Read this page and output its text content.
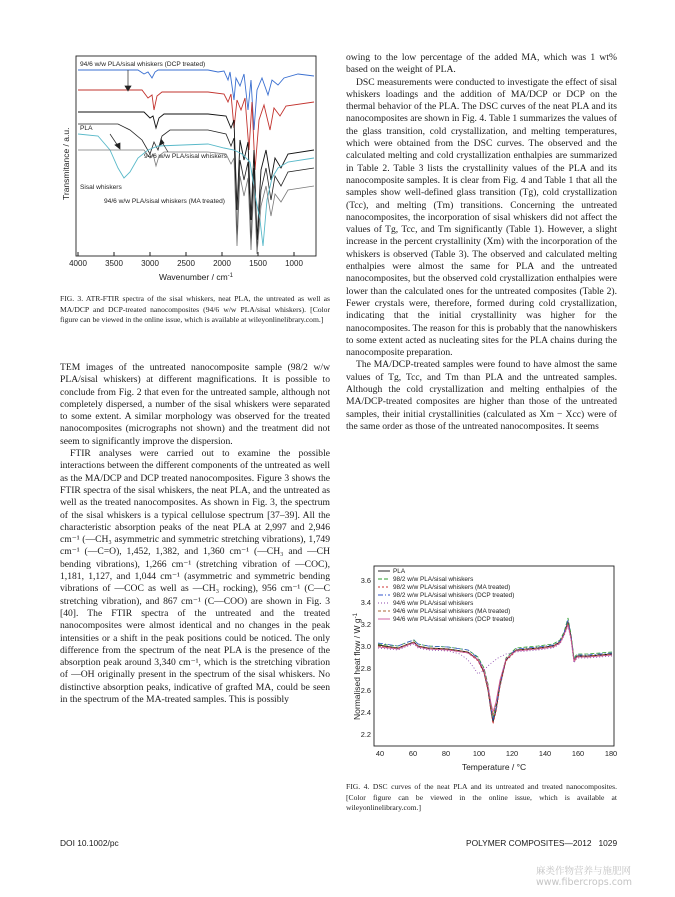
Transmitance / a.u.
4000 3500 3000 2500 2000 1500 1000
Wavenumber / $cm^{-1}$
94/6 w/w PLA/sisal whiskers (DCP treated)
PLA
94/6 w/w PLA/sisal whiskers
Sisal whiskers
94/6 w/w PLA/sisal whiskers (MA treated)
FIG. 3. ATR-FTIR spectra of the sisal whiskers, neat PLA, the untreated as well as MA/DCP and DCP-treated nanocomposites (94/6 w/w PLA/sisal whiskers). [Color figure can be viewed in the online issue, which is available at wileyonlinelibrary.com.]

TEM images of the untreated nanocomposite sample (98/2 w/w PLA/sisal whiskers) at different magnifications. It is possible to conclude from Fig. 2 that even for the untreated sample, although not completely dispersed, a number of the sisal whiskers were separated to some extent. A similar morphology was observed for the treated nanocomposites (micrographs not shown) and the treatment did not seem to significantly improve the dispersion.

FTIR analyses were carried out to examine the possible interactions between the different components of the untreated as well as the MA/DCP and DCP treated nanocomposites. Figure 3 shows the FTIR spectra of the sisal whiskers, the neat PLA, and the untreated as well as the treated nanocomposites. As shown in Fig. 3, the spectrum of the sisal whiskers is a typical cellulose spectrum [37–39]. All the characteristic absorption peaks of the neat PLA at 2,997 and 2,946 cm⁻¹ (—CH₃ asymmetric and symmetric stretching vibrations), 1,749 cm⁻¹ (—C=O), 1,452, 1,382, and 1,360 cm⁻¹ (—CH₃ and —CH bending vibrations), 1,266 cm⁻¹ (stretching vibration of —COC), 1,181, 1,127, and 1,044 cm⁻¹ (asymmetric and symmetric bending vibrations of —COC as well as —CH₃ rocking), 956 cm⁻¹ (C—C stretching vibration), and 867 cm⁻¹ (C—COO) are shown in Fig. 3 [40]. The FTIR spectra of the untreated and the treated nanocomposites were almost identical and no changes in the peak intensities or a shift in the peak positions could be noticed. The only difference from the spectrum of the neat PLA is the presence of the absorption peak around 3,340 cm⁻¹, which is the stretching vibration of —OH originally present in the spectrum of the sisal whiskers. No distinctive absorption peaks, indicative of grafted MA, could be seen in the spectrum of the MA-treated samples. This is possibly

owing to the low percentage of the added MA, which was 1 wt% based on the weight of PLA.

DSC measurements were conducted to investigate the effect of sisal whiskers loadings and the addition of MA/DCP or DCP on the thermal behavior of the PLA. The DSC curves of the neat PLA and its nanocomposites are shown in Fig. 4. Table 1 summarizes the values of the glass transition, cold crystallization, and melting temperatures, which were obtained from the DSC curves. The observed and the calculated melting and cold crystallization enthalpies are summarized in Table 2. Table 3 lists the crystallinity values of the PLA and its nanocomposite samples. It is clear from Fig. 4 and Table 1 that all the samples show well-defined glass transition (Tg), cold crystallization (Tcc), and melting (Tm) transitions. Concerning the untreated nanocomposites, the incorporation of sisal whiskers did not affect the values of Tg, Tcc, and Tm significantly (Table 1). However, a slight increase in the percent crystallinity (Xm) with the incorporation of the whiskers is observed (Table 3). The observed and calculated melting enthalpies were almost the same for PLA and the untreated nanocomposites, but the observed cold crystallization enthalpies were lower than the calculated ones for the untreated composites (Table 2). Fewer crystals were, therefore, formed during cold crystallization, indicating that the initial crystallinity was higher for the nanocomposites. The reason for this is probably that the nanowhiskers to some extent acted as nucleating sites for the PLA chains during the nanocomposite preparation.

The MA/DCP-treated samples were found to have almost the same values of Tg, Tcc, and Tm than PLA and the untreated samples. Although the cold crystallization and melting enthalpies of the MA/DCP-treated composites are higher than those of the untreated samples, their initial crystallinities (calculated as Xm − Xcc) were of the same order as those of the untreated nanocomposites. It seems

Normalised heat flow / W $g^{-1}$
2.2
2.4
2.6
2.8
3.0
3.2
3.4
3.6
40	60	80	100	120	140	160	180
Temperature / °C
PLA
98/2 w/w PLA/sisal whiskers
98/2 w/w PLA/sisal whiskers (MA treated)
98/2 w/w PLA/sisal whiskers (DCP treated)
94/6 w/w PLA/sisal whiskers
94/6 w/w PLA/sisal whiskers (MA treated)
94/6 w/w PLA/sisal whiskers (DCP treated)
FIG. 4. DSC curves of the neat PLA and its untreated and treated nanocomposites. [Color figure can be viewed in the online issue, which is available at wileyonlinelibrary.com.]
DOI 10.1002/pc	POLYMER COMPOSITES—2012   1029
麻类作物营养与施肥网
www.fibercrops.com
